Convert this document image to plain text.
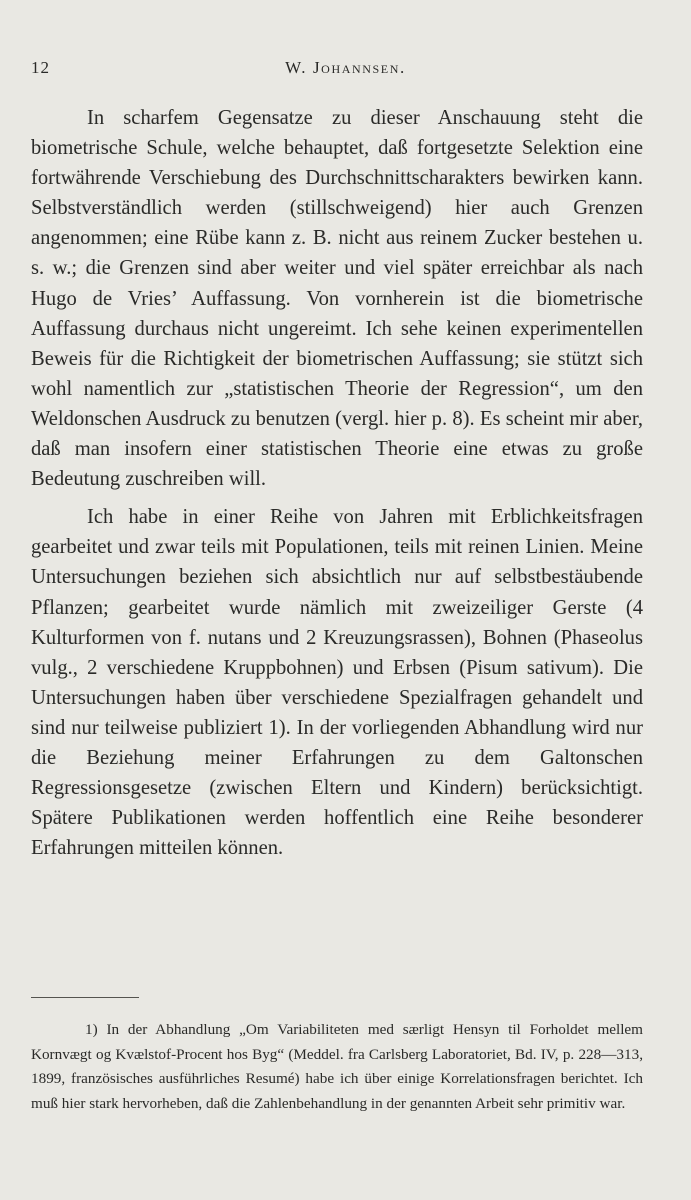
12	W. Johannsen.

In scharfem Gegensatze zu dieser Anschauung steht die biometrische Schule, welche behauptet, daß fortgesetzte Selektion eine fortwährende Verschiebung des Durchschnittscharakters bewirken kann. Selbstverständlich werden (stillschweigend) hier auch Grenzen angenommen; eine Rübe kann z. B. nicht aus reinem Zucker bestehen u. s. w.; die Grenzen sind aber weiter und viel später erreichbar als nach Hugo de Vries’ Auffassung. Von vornherein ist die biometrische Auffassung durchaus nicht ungereimt. Ich sehe keinen experimentellen Beweis für die Richtigkeit der biometrischen Auffassung; sie stützt sich wohl namentlich zur „statistischen Theorie der Regression“, um den Weldonschen Ausdruck zu benutzen (vergl. hier p. 8). Es scheint mir aber, daß man insofern einer statistischen Theorie eine etwas zu große Bedeutung zuschreiben will.

Ich habe in einer Reihe von Jahren mit Erblichkeitsfragen gearbeitet und zwar teils mit Populationen, teils mit reinen Linien. Meine Untersuchungen beziehen sich absichtlich nur auf selbstbestäubende Pflanzen; gearbeitet wurde nämlich mit zweizeiliger Gerste (4 Kulturformen von f. nutans und 2 Kreuzungsrassen), Bohnen (Phaseolus vulg., 2 verschiedene Kruppbohnen) und Erbsen (Pisum sativum). Die Untersuchungen haben über verschiedene Spezialfragen gehandelt und sind nur teilweise publiziert 1). In der vorliegenden Abhandlung wird nur die Beziehung meiner Erfahrungen zu dem Galtonschen Regressionsgesetze (zwischen Eltern und Kindern) berücksichtigt. Spätere Publikationen werden hoffentlich eine Reihe besonderer Erfahrungen mitteilen können.

1) In der Abhandlung „Om Variabiliteten med særligt Hensyn til Forholdet mellem Kornvægt og Kvælstof-Procent hos Byg“ (Meddel. fra Carlsberg Laboratoriet, Bd. IV, p. 228—313, 1899, französisches ausführliches Resumé) habe ich über einige Korrelationsfragen berichtet. Ich muß hier stark hervorheben, daß die Zahlenbehandlung in der genannten Arbeit sehr primitiv war.
